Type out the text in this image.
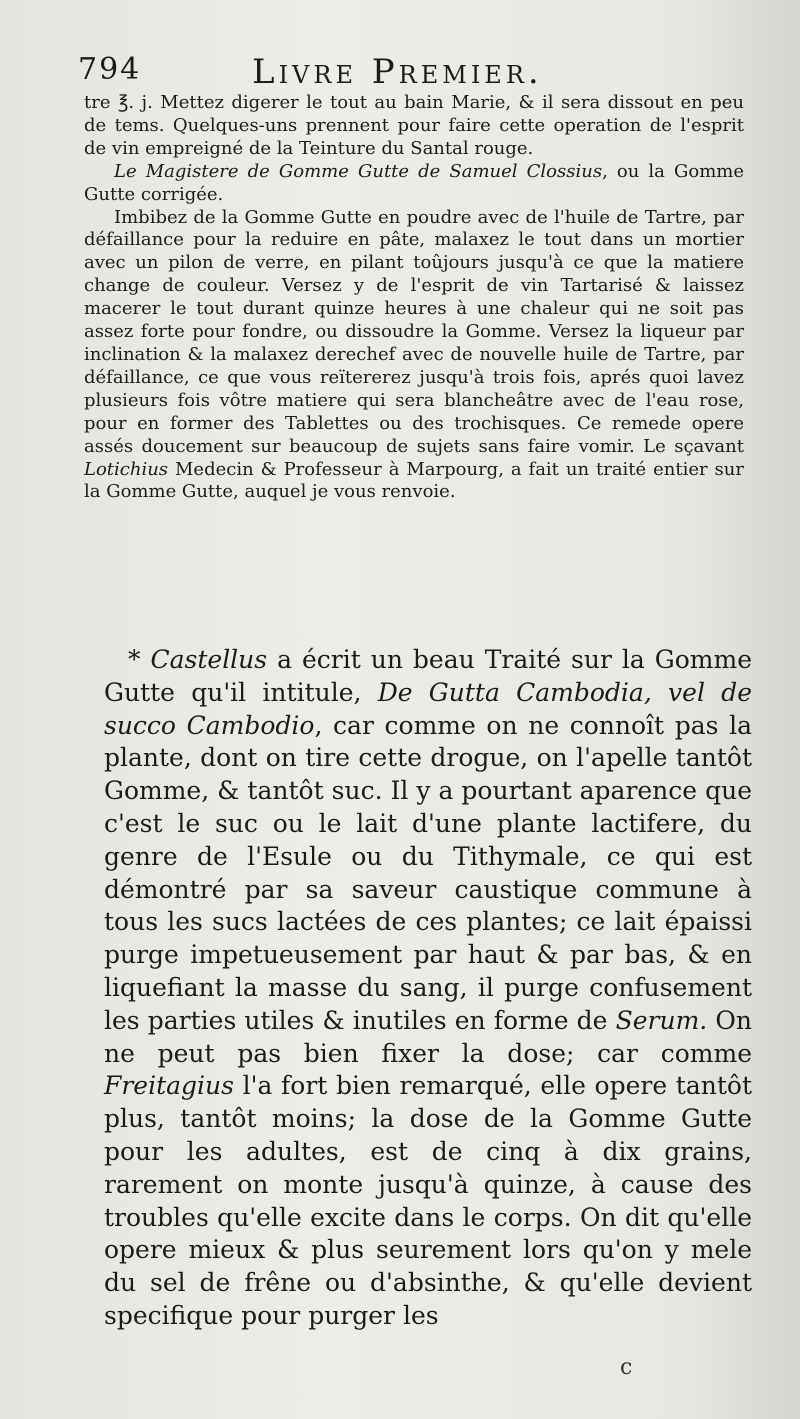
794	Livre Premier.

tre ℥. j. Mettez digerer le tout au bain Marie, & il sera dissout en peu de tems. Quelques-uns prennent pour faire cette operation de l'esprit de vin empreigné de la Teinture du Santal rouge.

Le Magistere de Gomme Gutte de Samuel Clossius, ou la Gomme Gutte corrigée.

Imbibez de la Gomme Gutte en poudre avec de l'huile de Tartre, par défaillance pour la reduire en pâte, malaxez le tout dans un mortier avec un pilon de verre, en pilant toûjours jusqu'à ce que la matiere change de couleur. Versez y de l'esprit de vin Tartarisé & laissez macerer le tout durant quinze heures à une chaleur qui ne soit pas assez forte pour fondre, ou dissoudre la Gomme. Versez la liqueur par inclination & la malaxez derechef avec de nouvelle huile de Tartre, par défaillance, ce que vous reïtererez jusqu'à trois fois, aprés quoi lavez plusieurs fois vôtre matiere qui sera blancheâtre avec de l'eau rose, pour en former des Tablettes ou des trochisques. Ce remede opere assés doucement sur beaucoup de sujets sans faire vomir. Le sçavant Lotichius Medecin & Professeur à Marpourg, a fait un traité entier sur la Gomme Gutte, auquel je vous renvoie.

* Castellus a écrit un beau Traité sur la Gomme Gutte qu'il intitule, De Gutta Cambodia, vel de succo Cambodio, car comme on ne connoît pas la plante, dont on tire cette drogue, on l'apelle tantôt Gomme, & tantôt suc. Il y a pourtant aparence que c'est le suc ou le lait d'une plante lactifere, du genre de l'Esule ou du Tithymale, ce qui est démontré par sa saveur caustique commune à tous les sucs lactées de ces plantes; ce lait épaissi purge impetueusement par haut & par bas, & en liquefiant la masse du sang, il purge confusement les parties utiles & inutiles en forme de Serum. On ne peut pas bien fixer la dose; car comme Freitagius l'a fort bien remarqué, elle opere tantôt plus, tantôt moins; la dose de la Gomme Gutte pour les adultes, est de cinq à dix grains, rarement on monte jusqu'à quinze, à cause des troubles qu'elle excite dans le corps. On dit qu'elle opere mieux & plus seurement lors qu'on y mele du sel de frêne ou d'absinthe, & qu'elle devient specifique pour purger les

c
